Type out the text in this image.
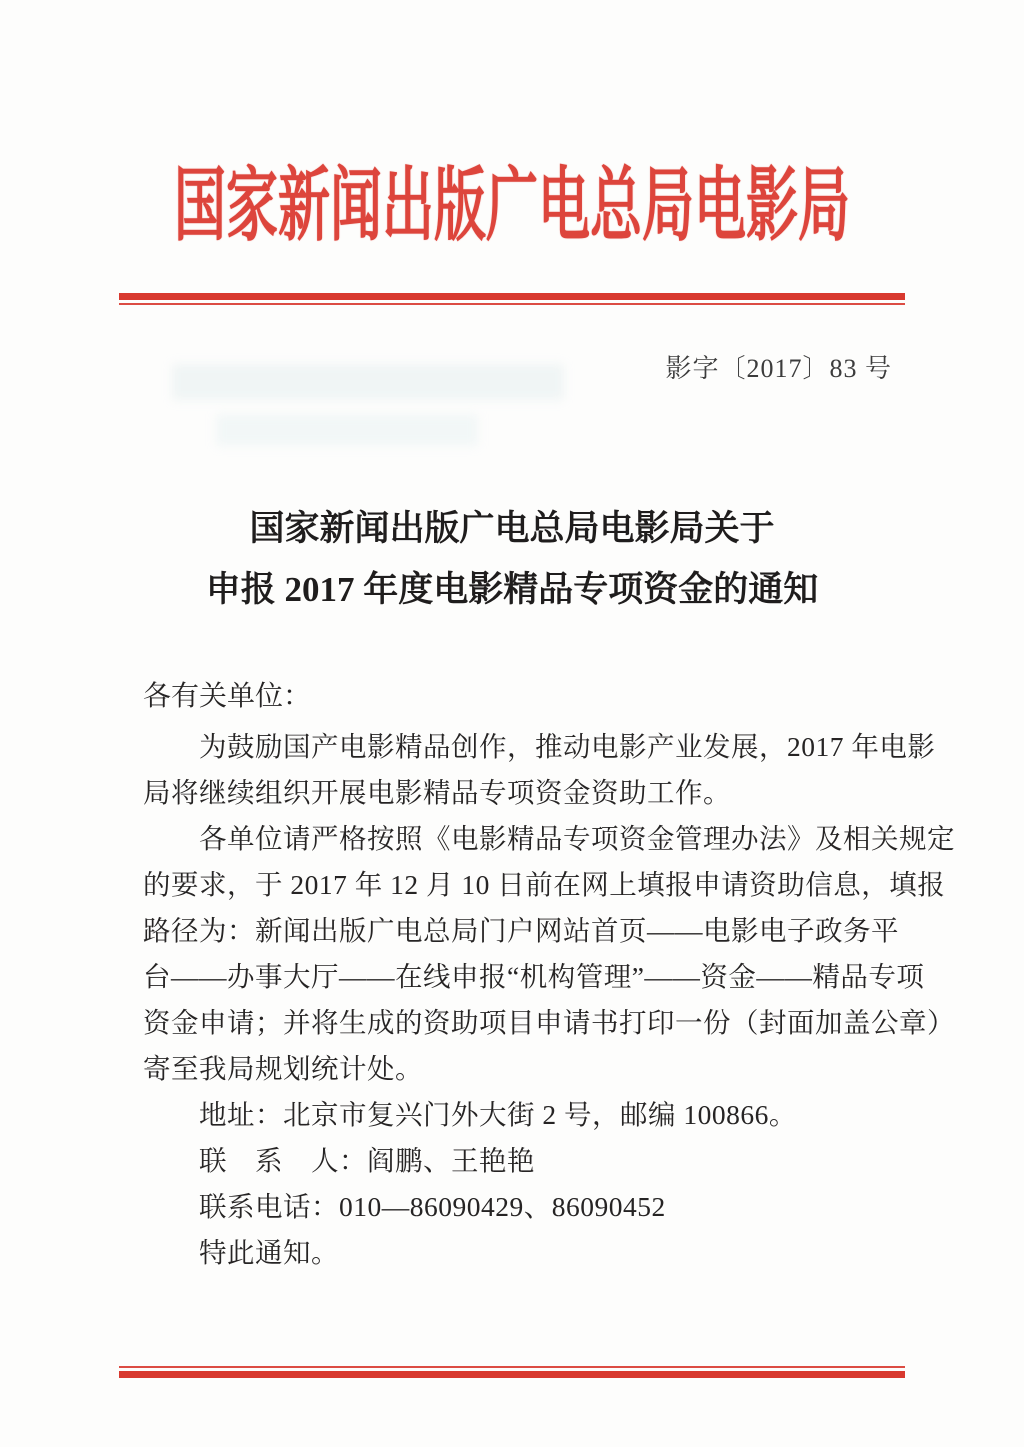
国家新闻出版广电总局电影局
影字〔2017〕83 号
国家新闻出版广电总局电影局关于
申报 2017 年度电影精品专项资金的通知
各有关单位：
为鼓励国产电影精品创作，推动电影产业发展，2017 年电影
局将继续组织开展电影精品专项资金资助工作。
各单位请严格按照《电影精品专项资金管理办法》及相关规定
的要求，于 2017 年 12 月 10 日前在网上填报申请资助信息，填报
路径为：新闻出版广电总局门户网站首页——电影电子政务平
台——办事大厅——在线申报“机构管理”——资金——精品专项
资金申请；并将生成的资助项目申请书打印一份（封面加盖公章）
寄至我局规划统计处。
地址：北京市复兴门外大街 2 号，邮编 100866。
联　系　人：阎鹏、王艳艳
联系电话：010—86090429、86090452
特此通知。
